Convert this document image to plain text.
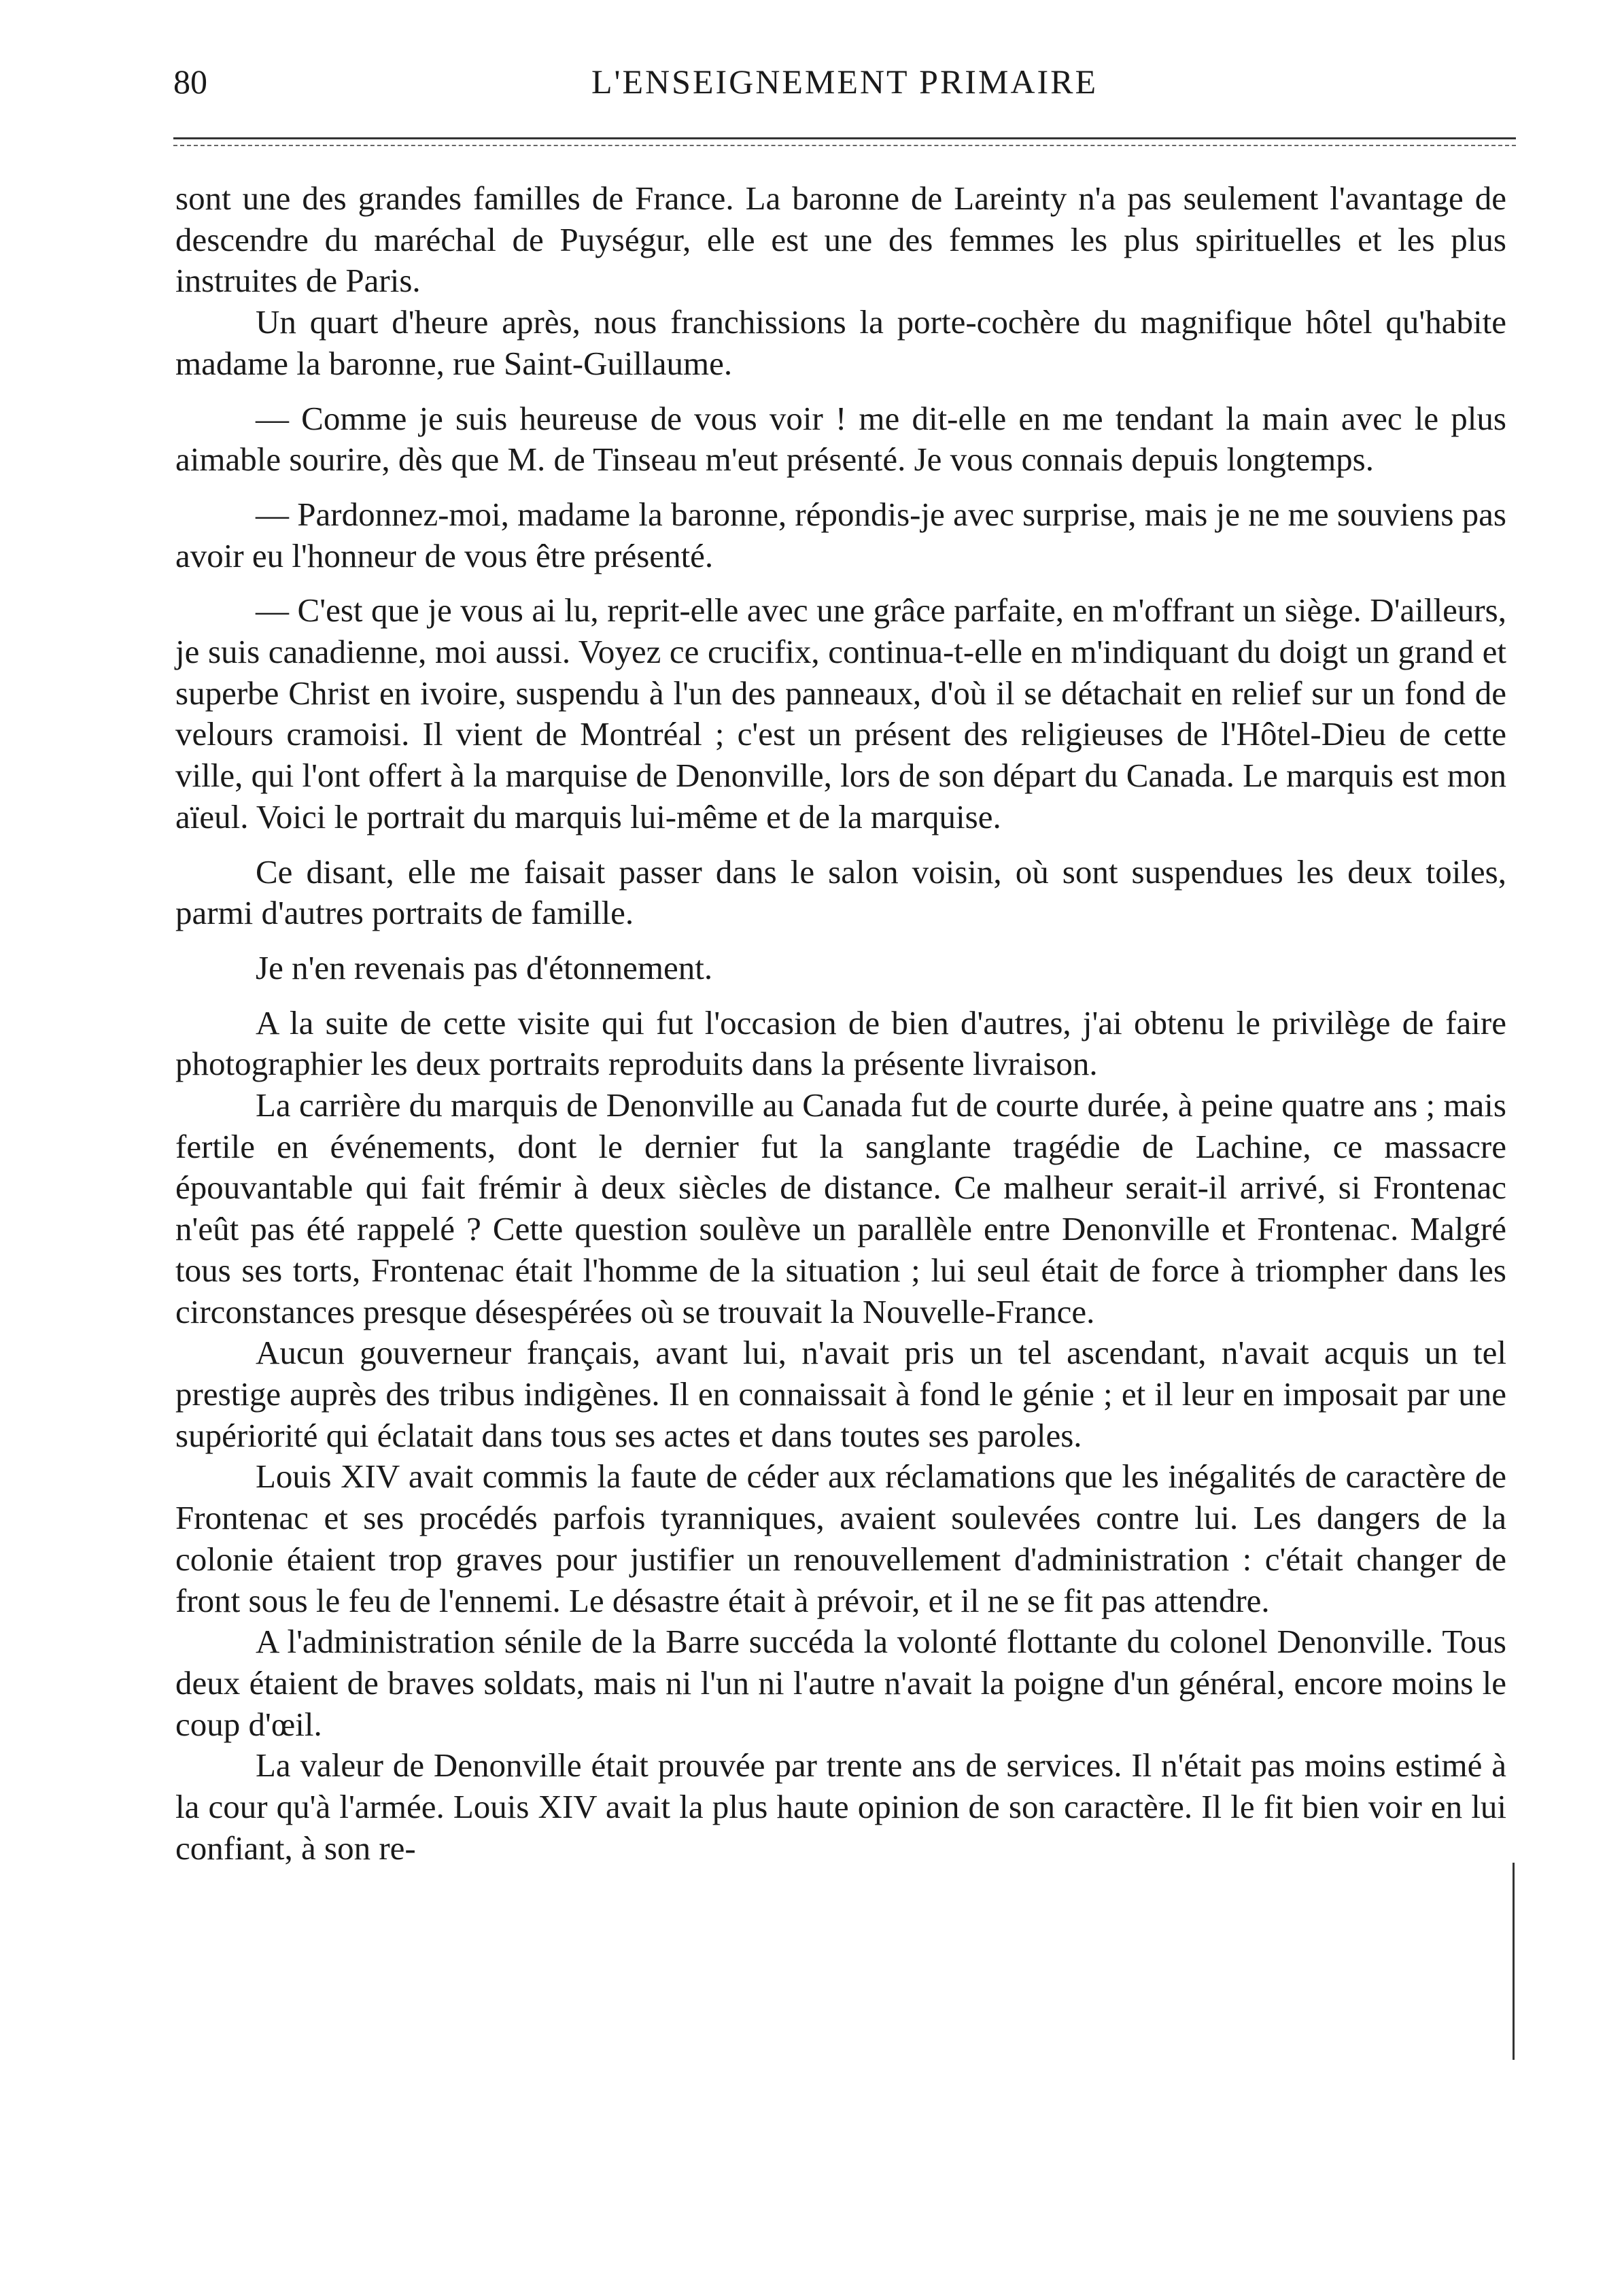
80	L'ENSEIGNEMENT PRIMAIRE

sont une des grandes familles de France. La baronne de Lareinty n'a pas seulement l'avantage de descendre du maréchal de Puységur, elle est une des femmes les plus spirituelles et les plus instruites de Paris.

Un quart d'heure après, nous franchissions la porte-cochère du magnifique hôtel qu'habite madame la baronne, rue Saint-Guillaume.

— Comme je suis heureuse de vous voir ! me dit-elle en me tendant la main avec le plus aimable sourire, dès que M. de Tinseau m'eut présenté. Je vous connais depuis longtemps.

— Pardonnez-moi, madame la baronne, répondis-je avec surprise, mais je ne me souviens pas avoir eu l'honneur de vous être présenté.

— C'est que je vous ai lu, reprit-elle avec une grâce parfaite, en m'offrant un siège. D'ailleurs, je suis canadienne, moi aussi. Voyez ce crucifix, continua-t-elle en m'indiquant du doigt un grand et superbe Christ en ivoire, suspendu à l'un des panneaux, d'où il se détachait en relief sur un fond de velours cramoisi. Il vient de Montréal ; c'est un présent des religieuses de l'Hôtel-Dieu de cette ville, qui l'ont offert à la marquise de Denonville, lors de son départ du Canada. Le marquis est mon aïeul. Voici le portrait du marquis lui-même et de la marquise.

Ce disant, elle me faisait passer dans le salon voisin, où sont suspendues les deux toiles, parmi d'autres portraits de famille.

Je n'en revenais pas d'étonnement.

A la suite de cette visite qui fut l'occasion de bien d'autres, j'ai obtenu le privilège de faire photographier les deux portraits reproduits dans la présente livraison.

La carrière du marquis de Denonville au Canada fut de courte durée, à peine quatre ans ; mais fertile en événements, dont le dernier fut la sanglante tragédie de Lachine, ce massacre épouvantable qui fait frémir à deux siècles de distance. Ce malheur serait-il arrivé, si Frontenac n'eût pas été rappelé ? Cette question soulève un parallèle entre Denonville et Frontenac. Malgré tous ses torts, Frontenac était l'homme de la situation ; lui seul était de force à triompher dans les circonstances presque désespérées où se trouvait la Nouvelle-France.

Aucun gouverneur français, avant lui, n'avait pris un tel ascendant, n'avait acquis un tel prestige auprès des tribus indigènes. Il en connaissait à fond le génie ; et il leur en imposait par une supériorité qui éclatait dans tous ses actes et dans toutes ses paroles.

Louis XIV avait commis la faute de céder aux réclamations que les inégalités de caractère de Frontenac et ses procédés parfois tyranniques, avaient soulevées contre lui. Les dangers de la colonie étaient trop graves pour justifier un renouvellement d'administration : c'était changer de front sous le feu de l'ennemi. Le désastre était à prévoir, et il ne se fit pas attendre.

A l'administration sénile de la Barre succéda la volonté flottante du colonel Denonville. Tous deux étaient de braves soldats, mais ni l'un ni l'autre n'avait la poigne d'un général, encore moins le coup d'œil.

La valeur de Denonville était prouvée par trente ans de services. Il n'était pas moins estimé à la cour qu'à l'armée. Louis XIV avait la plus haute opinion de son caractère. Il le fit bien voir en lui confiant, à son re-
